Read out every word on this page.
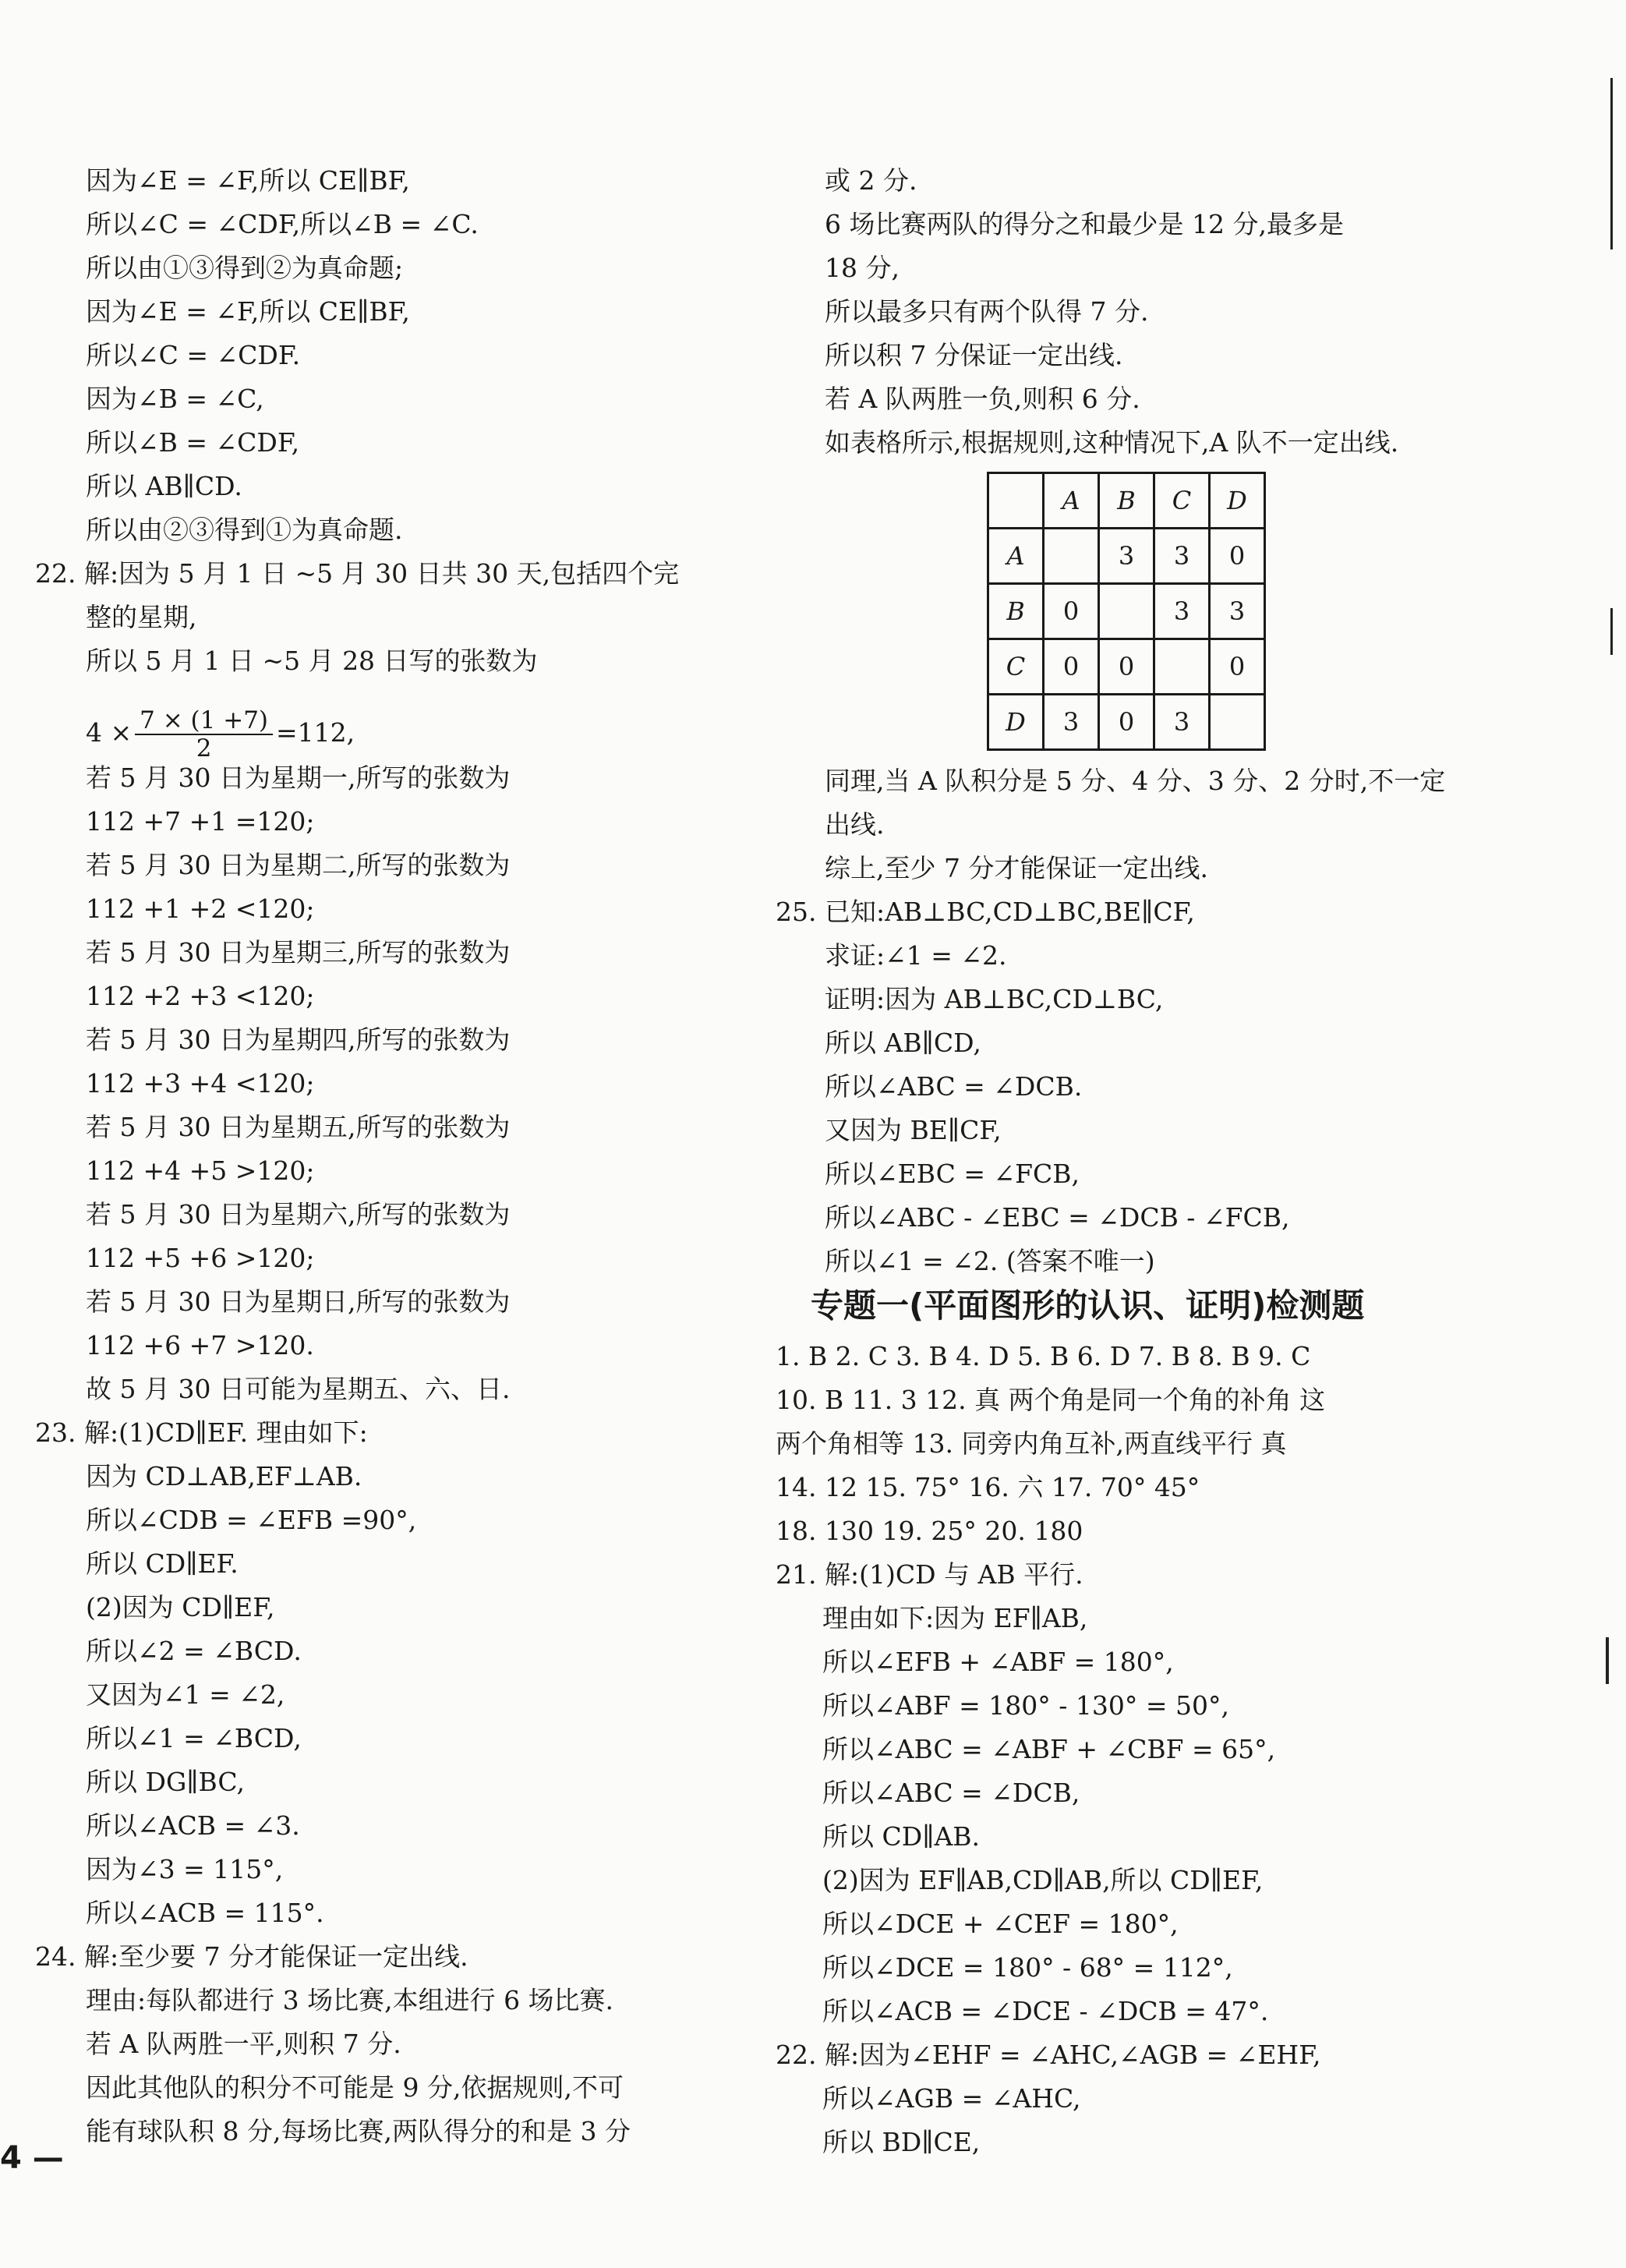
因为∠E = ∠F,所以 CE∥BF,
所以∠C = ∠CDF,所以∠B = ∠C.
所以由①③得到②为真命题;
因为∠E = ∠F,所以 CE∥BF,
所以∠C = ∠CDF.
因为∠B = ∠C,
所以∠B = ∠CDF,
所以 AB∥CD.
所以由②③得到①为真命题.
22. 解:因为 5 月 1 日 ~5 月 30 日共 30 天,包括四个完
整的星期,
所以 5 月 1 日 ~5 月 28 日写的张数为
$4 \times \frac{7 \times (1 +7)}{2} =112$,
若 5 月 30 日为星期一,所写的张数为
112 +7 +1 =120;
若 5 月 30 日为星期二,所写的张数为
112 +1 +2 <120;
若 5 月 30 日为星期三,所写的张数为
112 +2 +3 <120;
若 5 月 30 日为星期四,所写的张数为
112 +3 +4 <120;
若 5 月 30 日为星期五,所写的张数为
112 +4 +5 >120;
若 5 月 30 日为星期六,所写的张数为
112 +5 +6 >120;
若 5 月 30 日为星期日,所写的张数为
112 +6 +7 >120.
故 5 月 30 日可能为星期五、六、日.
23. 解:(1)CD∥EF. 理由如下:
因为 CD⊥AB,EF⊥AB.
所以∠CDB = ∠EFB =90°,
所以 CD∥EF.
(2)因为 CD∥EF,
所以∠2 = ∠BCD.
又因为∠1 = ∠2,
所以∠1 = ∠BCD,
所以 DG∥BC,
所以∠ACB = ∠3.
因为∠3 = 115°,
所以∠ACB = 115°.
24. 解:至少要 7 分才能保证一定出线.
理由:每队都进行 3 场比赛,本组进行 6 场比赛.
若 A 队两胜一平,则积 7 分.
因此其他队的积分不可能是 9 分,依据规则,不可
能有球队积 8 分,每场比赛,两队得分的和是 3 分
或 2 分.
6 场比赛两队的得分之和最少是 12 分,最多是
18 分,
所以最多只有两个队得 7 分.
所以积 7 分保证一定出线.
若 A 队两胜一负,则积 6 分.
如表格所示,根据规则,这种情况下,A 队不一定出线.
	A	B	C	D
A		3	3	0
B	0		3	3
C	0	0		0
D	3	0	3	
同理,当 A 队积分是 5 分、4 分、3 分、2 分时,不一定
出线.
综上,至少 7 分才能保证一定出线.
25. 已知:AB⊥BC,CD⊥BC,BE∥CF,
求证:∠1 = ∠2.
证明:因为 AB⊥BC,CD⊥BC,
所以 AB∥CD,
所以∠ABC = ∠DCB.
又因为 BE∥CF,
所以∠EBC = ∠FCB,
所以∠ABC - ∠EBC = ∠DCB - ∠FCB,
所以∠1 = ∠2. (答案不唯一)
专题一(平面图形的认识、证明)检测题
1. B 2. C 3. B 4. D 5. B 6. D 7. B 8. B 9. C
10. B 11. 3 12. 真 两个角是同一个角的补角 这
两个角相等 13. 同旁内角互补,两直线平行 真
14. 12 15. 75° 16. 六 17. 70° 45°
18. 130 19. 25° 20. 180
21. 解:(1)CD 与 AB 平行.
理由如下:因为 EF∥AB,
所以∠EFB + ∠ABF = 180°,
所以∠ABF = 180° - 130° = 50°,
所以∠ABC = ∠ABF + ∠CBF = 65°,
所以∠ABC = ∠DCB,
所以 CD∥AB.
(2)因为 EF∥AB,CD∥AB,所以 CD∥EF,
所以∠DCE + ∠CEF = 180°,
所以∠DCE = 180° - 68° = 112°,
所以∠ACB = ∠DCE - ∠DCB = 47°.
22. 解:因为∠EHF = ∠AHC,∠AGB = ∠EHF,
所以∠AGB = ∠AHC,
所以 BD∥CE,
4 —
